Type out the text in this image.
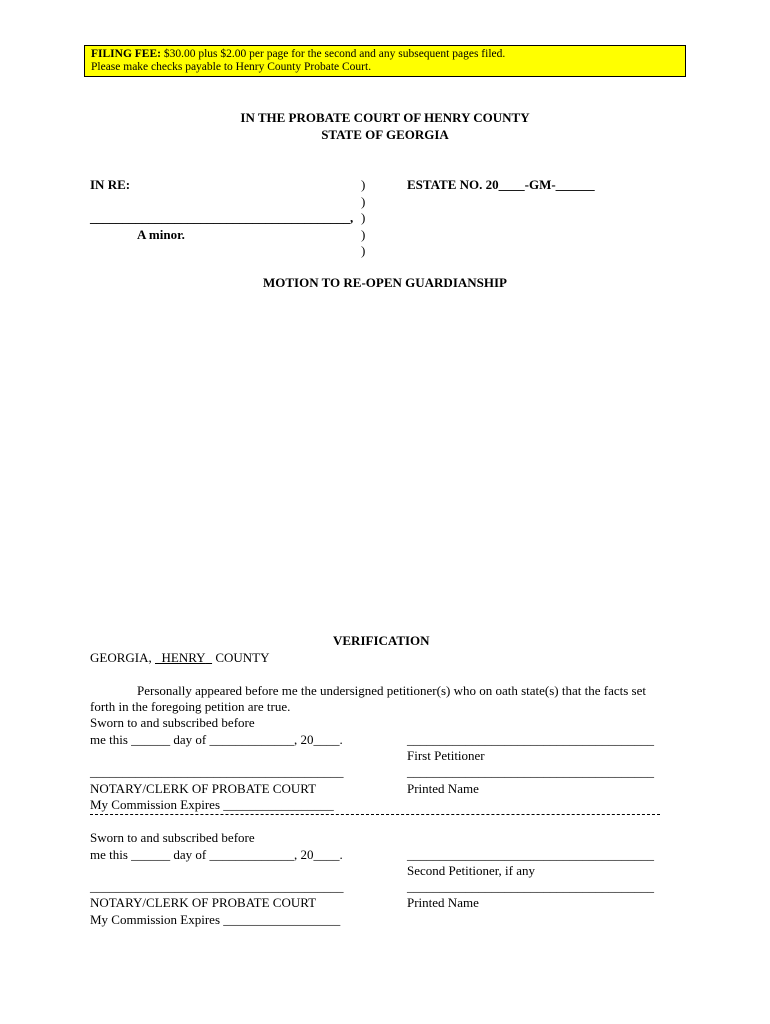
FILING FEE: $30.00 plus $2.00 per page for the second and any subsequent pages filed.
Please make checks payable to Henry County Probate Court.
IN THE PROBATE COURT OF HENRY COUNTY
STATE OF GEORGIA
IN RE:	ESTATE NO. 20____-GM-______
________________________________________,
A minor.
)
)
)
)
)
MOTION TO RE-OPEN GUARDIANSHIP
VERIFICATION
GEORGIA, HENRY COUNTY
Personally appeared before me the undersigned petitioner(s) who on oath state(s) that the facts set
forth in the foregoing petition are true.
Sworn to and subscribed before
me this ______ day of _____________, 20____.	______________________________________
First Petitioner
_______________________________________	______________________________________
NOTARY/CLERK OF PROBATE COURT	Printed Name
My Commission Expires _________________
Sworn to and subscribed before
me this ______ day of _____________, 20____.	______________________________________
Second Petitioner, if any
_______________________________________	______________________________________
NOTARY/CLERK OF PROBATE COURT	Printed Name
My Commission Expires __________________
